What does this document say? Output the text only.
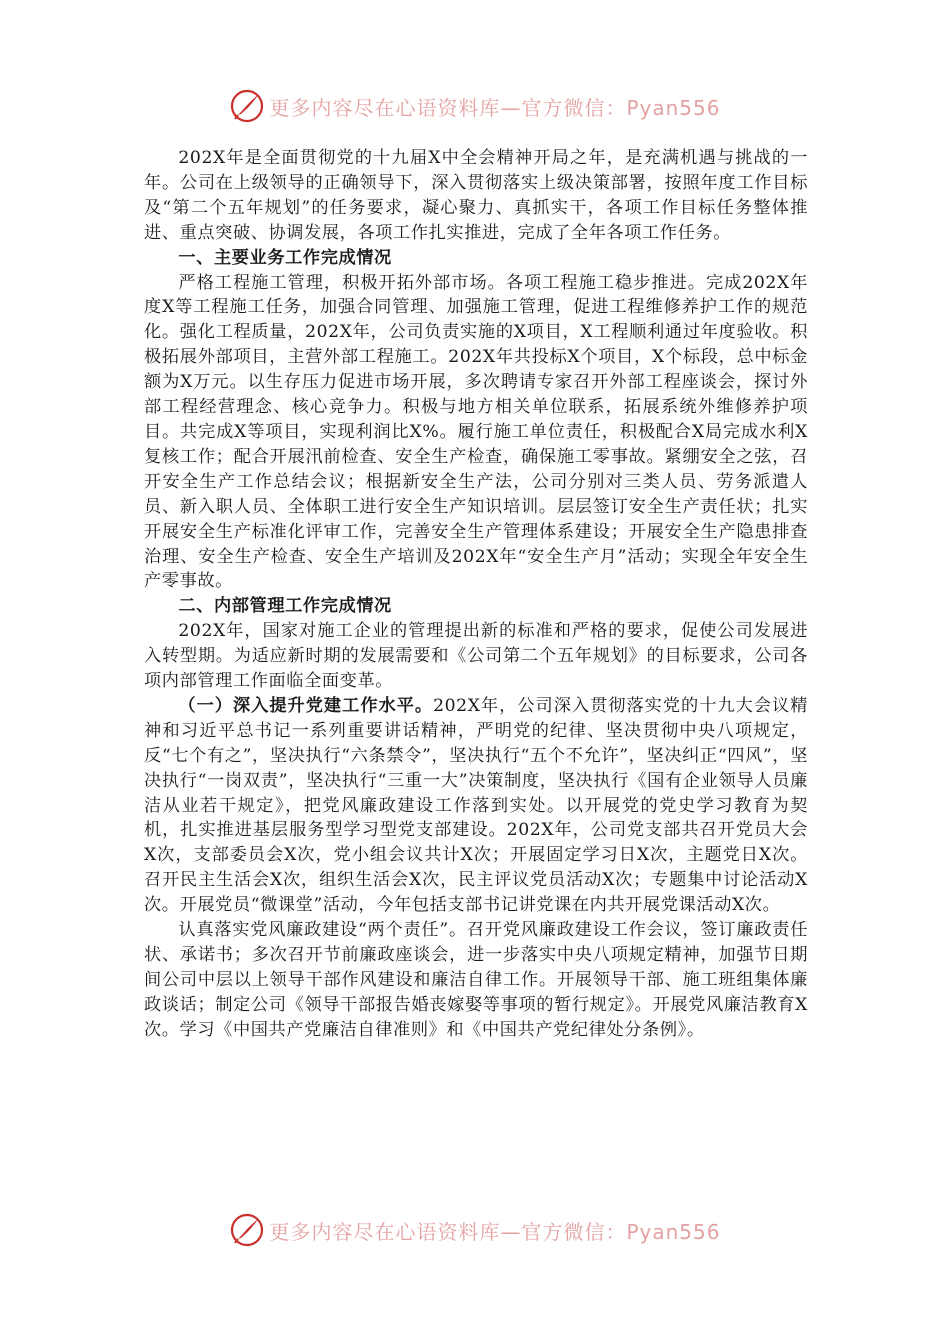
更多内容尽在心语资料库—官方微信：Pyan556

202X年是全面贯彻党的十九届X中全会精神开局之年，是充满机遇与挑战的一年。公司在上级领导的正确领导下，深入贯彻落实上级决策部署，按照年度工作目标及“第二个五年规划”的任务要求，凝心聚力、真抓实干，各项工作目标任务整体推进、重点突破、协调发展，各项工作扎实推进，完成了全年各项工作任务。

一、主要业务工作完成情况

严格工程施工管理，积极开拓外部市场。各项工程施工稳步推进。完成202X年度X等工程施工任务，加强合同管理、加强施工管理，促进工程维修养护工作的规范化。强化工程质量，202X年，公司负责实施的X项目，X工程顺利通过年度验收。积极拓展外部项目，主营外部工程施工。202X年共投标X个项目，X个标段，总中标金额为X万元。以生存压力促进市场开展，多次聘请专家召开外部工程座谈会，探讨外部工程经营理念、核心竞争力。积极与地方相关单位联系，拓展系统外维修养护项目。共完成X等项目，实现利润比X%。履行施工单位责任，积极配合X局完成水利X复核工作；配合开展汛前检查、安全生产检查，确保施工零事故。紧绷安全之弦，召开安全生产工作总结会议；根据新安全生产法，公司分别对三类人员、劳务派遣人员、新入职人员、全体职工进行安全生产知识培训。层层签订安全生产责任状；扎实开展安全生产标准化评审工作，完善安全生产管理体系建设；开展安全生产隐患排查治理、安全生产检查、安全生产培训及202X年“安全生产月”活动；实现全年安全生产零事故。

二、内部管理工作完成情况

202X年，国家对施工企业的管理提出新的标准和严格的要求，促使公司发展进入转型期。为适应新时期的发展需要和《公司第二个五年规划》的目标要求，公司各项内部管理工作面临全面变革。

（一）深入提升党建工作水平。202X年，公司深入贯彻落实党的十九大会议精神和习近平总书记一系列重要讲话精神，严明党的纪律、坚决贯彻中央八项规定，反“七个有之”，坚决执行“六条禁令”，坚决执行“五个不允许”，坚决纠正“四风”，坚决执行“一岗双责”，坚决执行“三重一大”决策制度，坚决执行《国有企业领导人员廉洁从业若干规定》，把党风廉政建设工作落到实处。以开展党的党史学习教育为契机，扎实推进基层服务型学习型党支部建设。202X年，公司党支部共召开党员大会X次，支部委员会X次，党小组会议共计X次；开展固定学习日X次，主题党日X次。召开民主生活会X次，组织生活会X次，民主评议党员活动X次；专题集中讨论活动X次。开展党员“微课堂”活动，今年包括支部书记讲党课在内共开展党课活动X次。

认真落实党风廉政建设“两个责任”。召开党风廉政建设工作会议，签订廉政责任状、承诺书；多次召开节前廉政座谈会，进一步落实中央八项规定精神，加强节日期间公司中层以上领导干部作风建设和廉洁自律工作。开展领导干部、施工班组集体廉政谈话；制定公司《领导干部报告婚丧嫁娶等事项的暂行规定》。开展党风廉洁教育X次。学习《中国共产党廉洁自律准则》和《中国共产党纪律处分条例》。

更多内容尽在心语资料库—官方微信：Pyan556
